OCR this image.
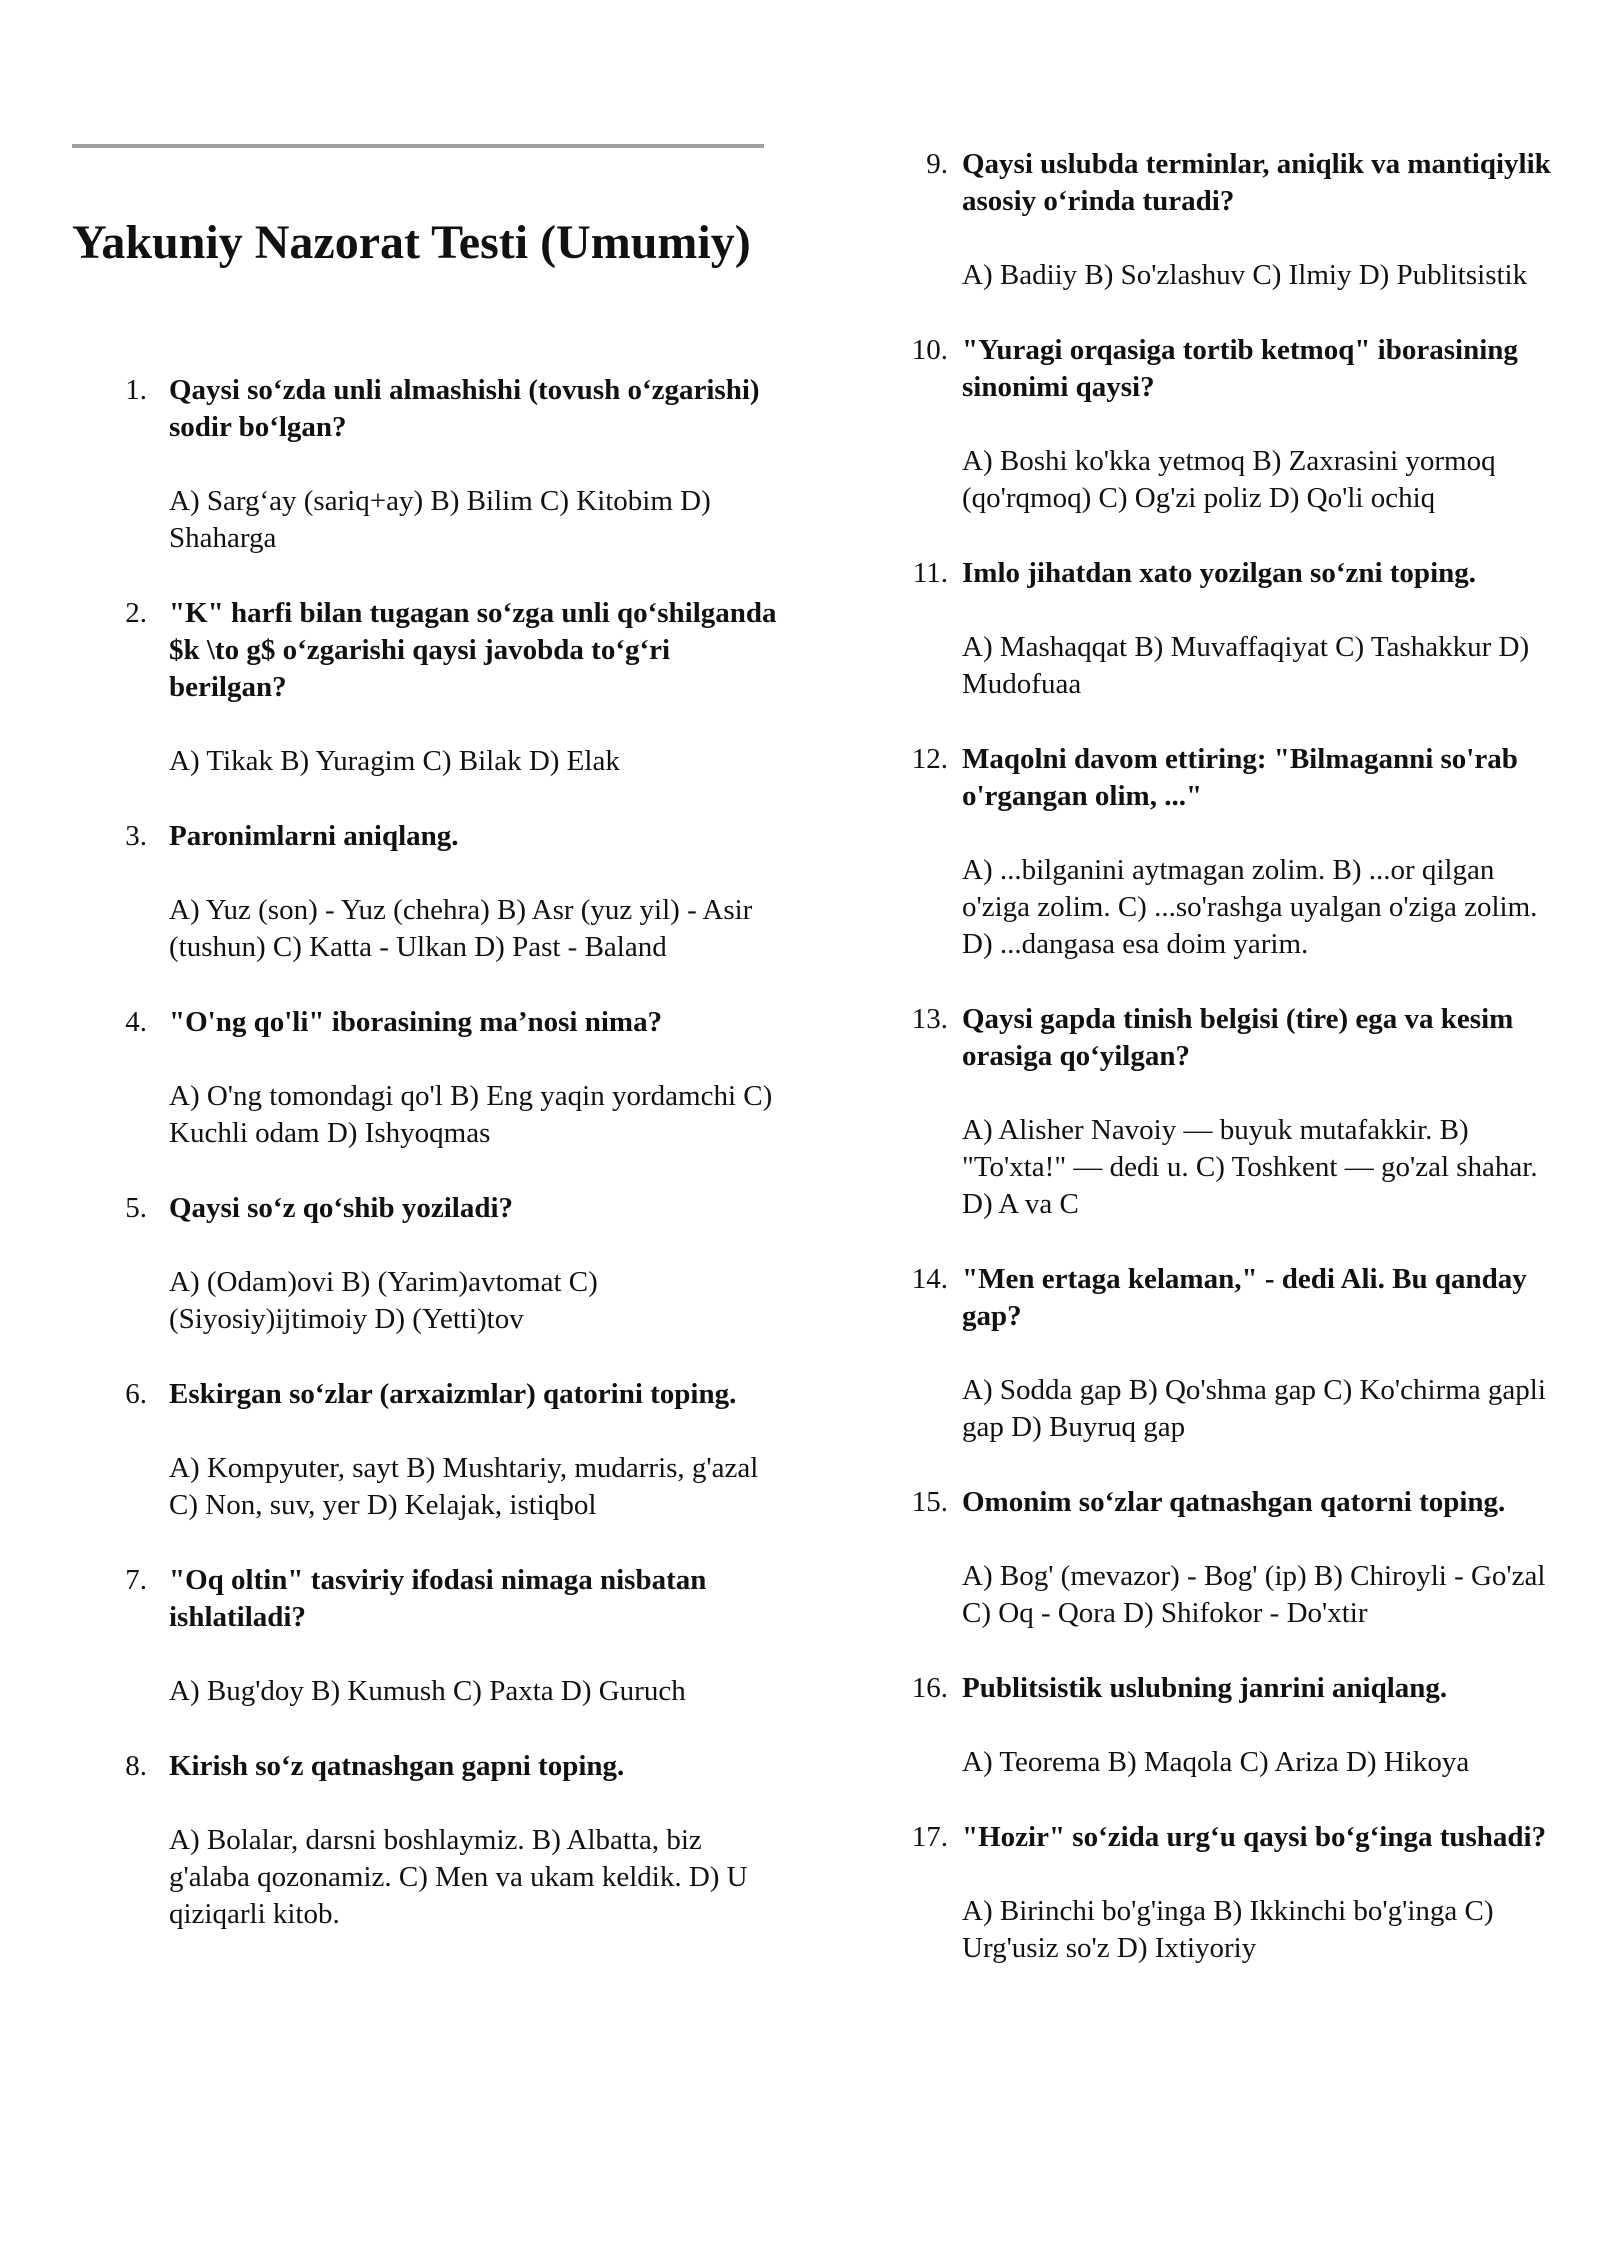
Yakuniy Nazorat Testi (Umumiy)
1. Qaysi so‘zda unli almashishi (tovush o‘zgarishi) sodir bo‘lgan?

A) Sarg‘ay (sariq+ay) B) Bilim C) Kitobim D) Shaharga

2. "K" harfi bilan tugagan so‘zga unli qo‘shilganda $k \to g$ o‘zgarishi qaysi javobda to‘g‘ri berilgan?

A) Tikak B) Yuragim C) Bilak D) Elak

3. Paronimlarni aniqlang.

A) Yuz (son) - Yuz (chehra) B) Asr (yuz yil) - Asir (tushun) C) Katta - Ulkan D) Past - Baland

4. "O'ng qo'li" iborasining ma’nosi nima?

A) O'ng tomondagi qo'l B) Eng yaqin yordamchi C) Kuchli odam D) Ishyoqmas

5. Qaysi so‘z qo‘shib yoziladi?

A) (Odam)ovi B) (Yarim)avtomat C) (Siyosiy)ijtimoiy D) (Yetti)tov

6. Eskirgan so‘zlar (arxaizmlar) qatorini toping.

A) Kompyuter, sayt B) Mushtariy, mudarris, g'azal C) Non, suv, yer D) Kelajak, istiqbol

7. "Oq oltin" tasviriy ifodasi nimaga nisbatan ishlatiladi?

A) Bug'doy B) Kumush C) Paxta D) Guruch

8. Kirish so‘z qatnashgan gapni toping.

A) Bolalar, darsni boshlaymiz. B) Albatta, biz g'alaba qozonamiz. C) Men va ukam keldik. D) U qiziqarli kitob.

9. Qaysi uslubda terminlar, aniqlik va mantiqiylik asosiy o‘rinda turadi?

A) Badiiy B) So'zlashuv C) Ilmiy D) Publitsistik

10. "Yuragi orqasiga tortib ketmoq" iborasining sinonimi qaysi?

A) Boshi ko'kka yetmoq B) Zaxrasini yormoq (qo'rqmoq) C) Og'zi poliz D) Qo'li ochiq

11. Imlo jihatdan xato yozilgan so‘zni toping.

A) Mashaqqat B) Muvaffaqiyat C) Tashakkur D) Mudofuaa

12. Maqolni davom ettiring: "Bilmaganni so'rab o'rgangan olim, ..."

A) ...bilganini aytmagan zolim. B) ...or qilgan o'ziga zolim. C) ...so'rashga uyalgan o'ziga zolim. D) ...dangasa esa doim yarim.

13. Qaysi gapda tinish belgisi (tire) ega va kesim orasiga qo‘yilgan?

A) Alisher Navoiy — buyuk mutafakkir. B) "To'xta!" — dedi u. C) Toshkent — go'zal shahar. D) A va C

14. "Men ertaga kelaman," - dedi Ali. Bu qanday gap?

A) Sodda gap B) Qo'shma gap C) Ko'chirma gapli gap D) Buyruq gap

15. Omonim so‘zlar qatnashgan qatorni toping.

A) Bog' (mevazor) - Bog' (ip) B) Chiroyli - Go'zal C) Oq - Qora D) Shifokor - Do'xtir

16. Publitsistik uslubning janrini aniqlang.

A) Teorema B) Maqola C) Ariza D) Hikoya

17. "Hozir" so‘zida urg‘u qaysi bo‘g‘inga tushadi?

A) Birinchi bo'g'inga B) Ikkinchi bo'g'inga C) Urg'usiz so'z D) Ixtiyoriy
